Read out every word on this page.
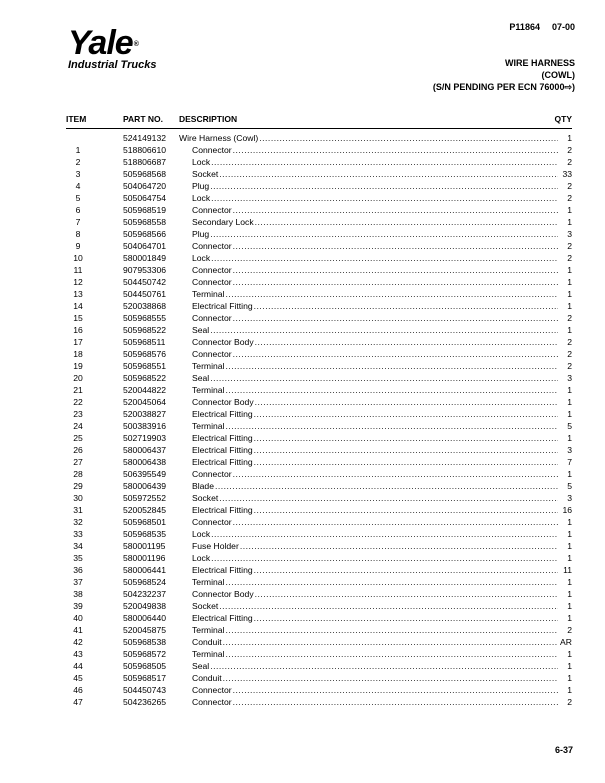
Yale®
Industrial Trucks
P11864 07-00
WIRE HARNESS
(COWL)
(S/N PENDING PER ECN 76000⇨)
ITEM	PART NO. DESCRIPTION	QTY
524149132 Wire Harness (Cowl) .....	1
1	518806610	Connector .....	2
2	518806687	Lock .....	2
3	505968568	Socket .....	33
4	504064720	Plug .....	2
5	505064754	Lock .....	2
6	505968519	Connector .....	1
7	505968558	Secondary Lock .....	1
8	505968566	Plug .....	3
9	504064701	Connector .....	2
10	580001849	Lock .....	2
11	907953306	Connector .....	1
12	504450742	Connector .....	1
13	504450761	Terminal .....	1
14	520038868	Electrical Fitting .....	1
15	505968555	Connector .....	2
16	505968522	Seal .....	1
17	505968511	Connector Body .....	2
18	505968576	Connector .....	2
19	505968551	Terminal .....	2
20	505968522	Seal .....	3
21	520044822	Terminal .....	1
22	520045064	Connector Body .....	1
23	520038827	Electrical Fitting .....	1
24	500383916	Terminal .....	5
25	502719903	Electrical Fitting .....	1
26	580006437	Electrical Fitting .....	3
27	580006438	Electrical Fitting .....	7
28	506395549	Connector .....	1
29	580006439	Blade .....	5
30	505972552	Socket .....	3
31	520052845	Electrical Fitting .....	16
32	505968501	Connector .....	1
33	505968535	Lock .....	1
34	580001195	Fuse Holder .....	1
35	580001196	Lock .....	1
36	580006441	Electrical Fitting .....	11
37	505968524	Terminal .....	1
38	504232237	Connector Body .....	1
39	520049838	Socket .....	1
40	580006440	Electrical Fitting .....	1
41	520045875	Terminal .....	2
42	505968538	Conduit .....	AR
43	505968572	Terminal .....	1
44	505968505	Seal .....	1
45	505968517	Conduit .....	1
46	504450743	Connector .....	1
47	504236265	Connector .....	2
6-37
